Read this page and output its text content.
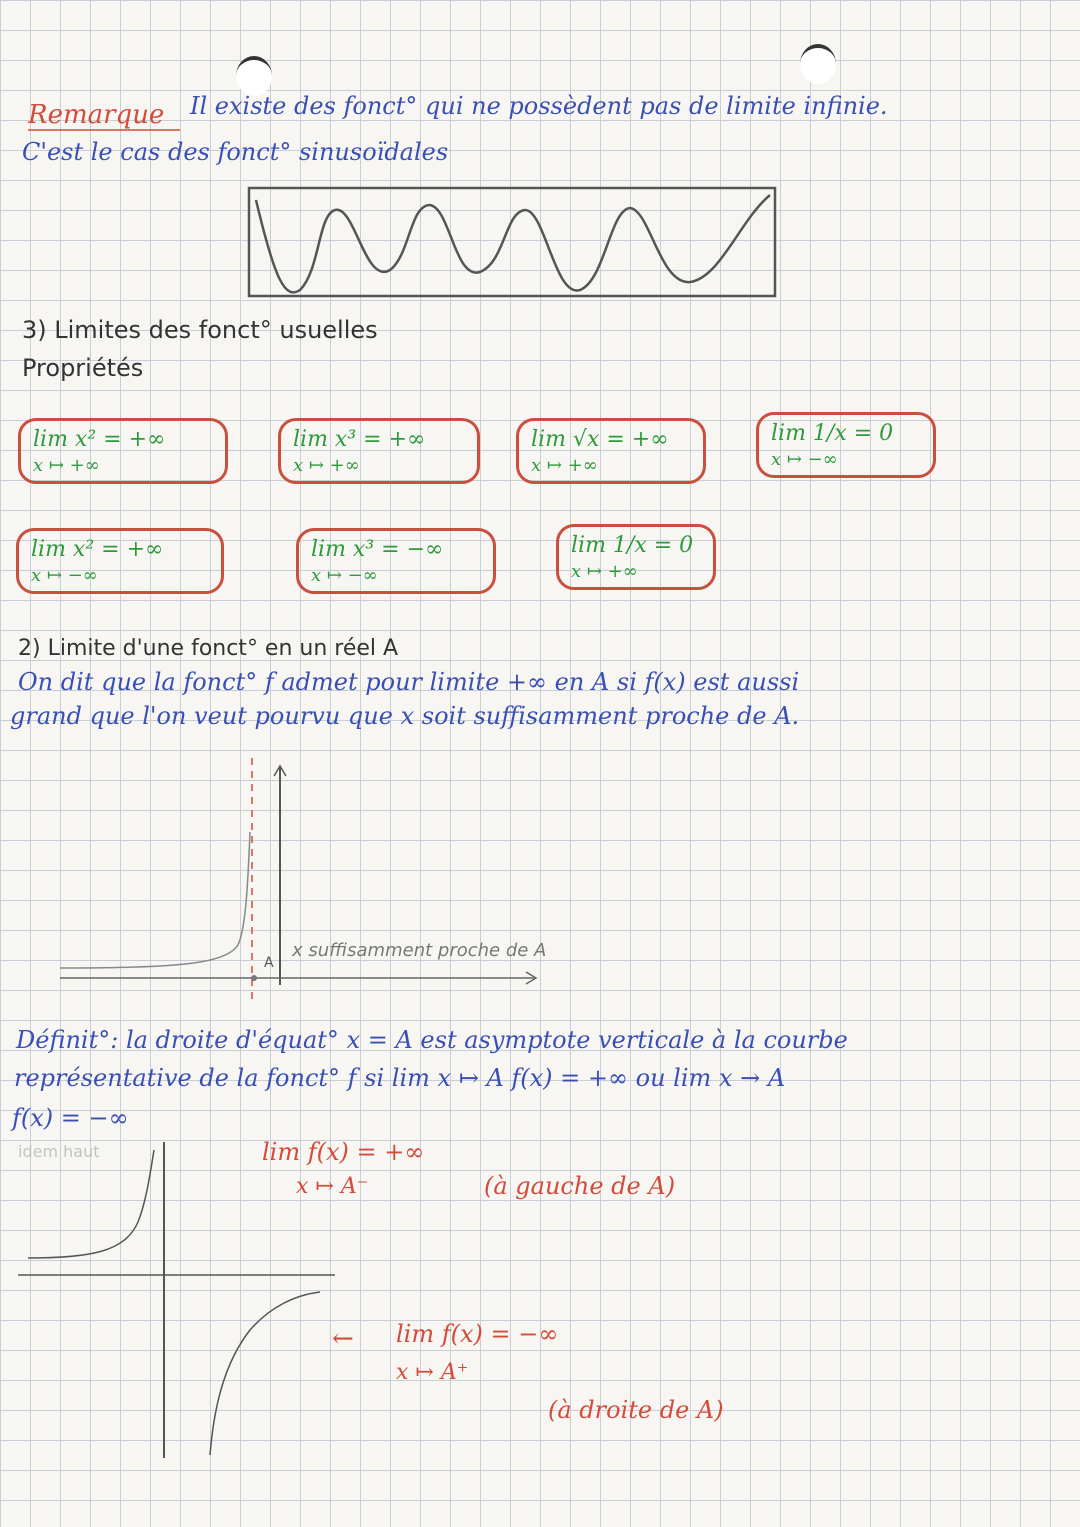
Remarque Il existe des fonct° qui ne possèdent pas de limite infinie.
C'est le cas des fonct° sinusoïdales
3) Limites des fonct° usuelles
Propriétés
lim x² = +∞
x ↦ +∞
lim x³ = +∞
x ↦ +∞
lim √x = +∞
x ↦ +∞
lim 1/x = 0
x ↦ −∞
lim x² = +∞
x ↦ −∞
lim x³ = −∞
x ↦ −∞
lim 1/x = 0
x ↦ +∞
2) Limite d'une fonct° en un réel A
On dit que la fonct° f admet pour limite +∞ en A si f(x) est aussi
grand que l'on veut pourvu que x soit suffisamment proche de A.
A
x suffisamment proche de A
Définit°: la droite d'équat° x = A est asymptote verticale à la courbe
représentative de la fonct° f si lim x ↦ A f(x) = +∞ ou lim x → A
f(x) = −∞
idem haut	lim f(x) = +∞
x ↦ A⁻	(à gauche de A)
← lim f(x) = −∞
x ↦ A⁺
(à droite de A)
